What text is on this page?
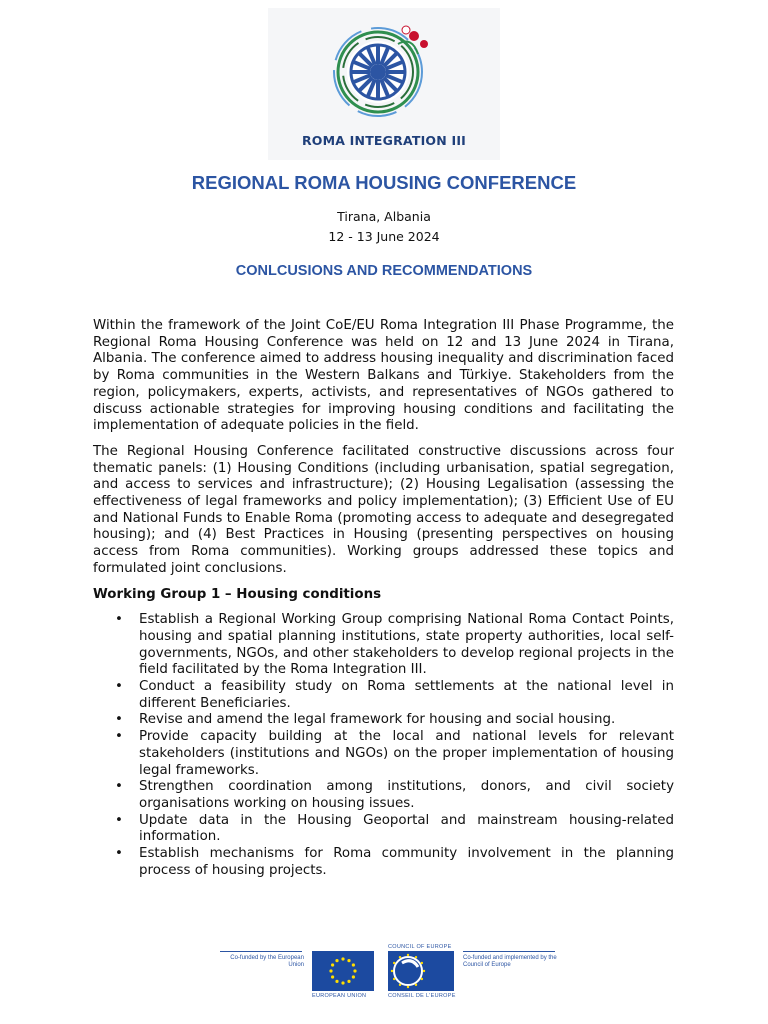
ROMA INTEGRATION III
REGIONAL ROMA HOUSING CONFERENCE
Tirana, Albania
12 - 13 June 2024
CONLCUSIONS AND RECOMMENDATIONS

Within the framework of the Joint CoE/EU Roma Integration III Phase Programme, the Regional Roma Housing Conference was held on 12 and 13 June 2024 in Tirana, Albania. The conference aimed to address housing inequality and discrimination faced by Roma communities in the Western Balkans and Türkiye. Stakeholders from the region, policymakers, experts, activists, and representatives of NGOs gathered to discuss actionable strategies for improving housing conditions and facilitating the implementation of adequate policies in the field.

The Regional Housing Conference facilitated constructive discussions across four thematic panels: (1) Housing Conditions (including urbanisation, spatial segregation, and access to services and infrastructure); (2) Housing Legalisation (assessing the effectiveness of legal frameworks and policy implementation); (3) Efficient Use of EU and National Funds to Enable Roma (promoting access to adequate and desegregated housing); and (4) Best Practices in Housing (presenting perspectives on housing access from Roma communities). Working groups addressed these topics and formulated joint conclusions.

Working Group 1 – Housing conditions
• Establish a Regional Working Group comprising National Roma Contact Points, housing and spatial planning institutions, state property authorities, local self-governments, NGOs, and other stakeholders to develop regional projects in the field facilitated by the Roma Integration III.
• Conduct a feasibility study on Roma settlements at the national level in different Beneficiaries.
• Revise and amend the legal framework for housing and social housing.
• Provide capacity building at the local and national levels for relevant stakeholders (institutions and NGOs) on the proper implementation of housing legal frameworks.
• Strengthen coordination among institutions, donors, and civil society organisations working on housing issues.
• Update data in the Housing Geoportal and mainstream housing-related information.
• Establish mechanisms for Roma community involvement in the planning process of housing projects.
Co-funded by the European Union
EUROPEAN UNION
COUNCIL OF EUROPE
CONSEIL DE L'EUROPE
Co-funded and implemented by the Council of Europe
